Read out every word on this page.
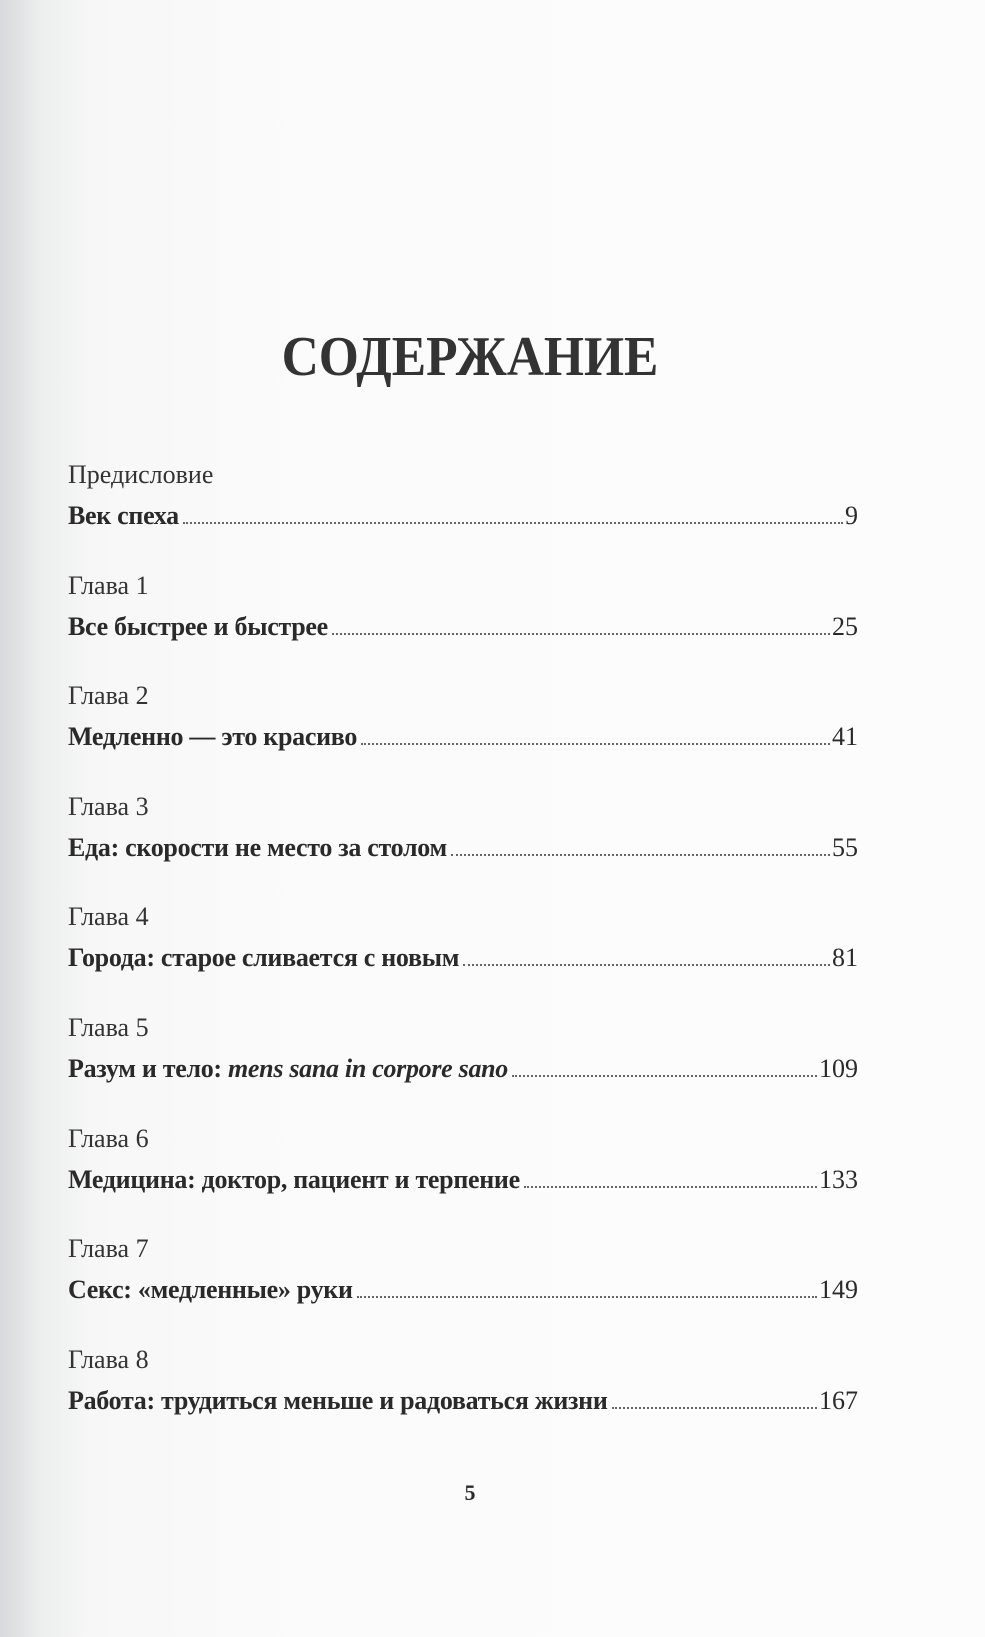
СОДЕРЖАНИЕ
Предисловие
Век спеха	9
Глава 1
Все быстрее и быстрее	25
Глава 2
Медленно — это красиво	41
Глава 3
Еда: скорости не место за столом	55
Глава 4
Города: старое сливается с новым	81
Глава 5
Разум и тело: mens sana in corpore sano	109
Глава 6
Медицина: доктор, пациент и терпение	133
Глава 7
Секс: «медленные» руки	149
Глава 8
Работа: трудиться меньше и радоваться жизни	167
5
